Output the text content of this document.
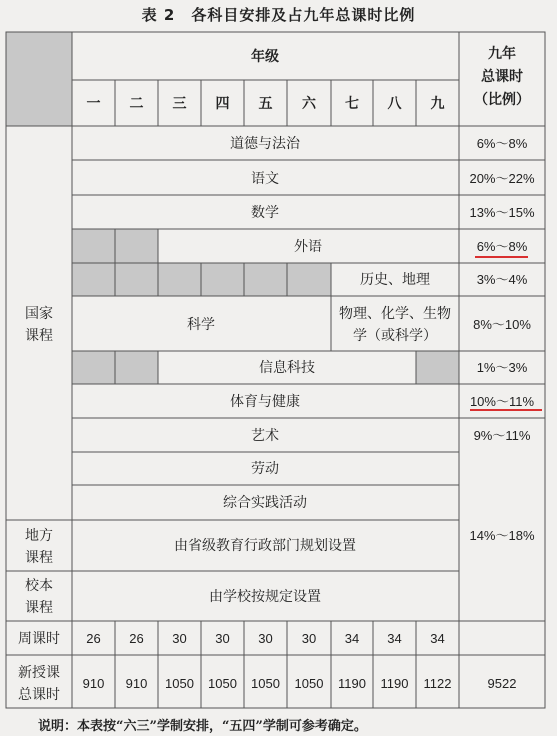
表 2　各科目安排及占九年总课时比例
年级
一 二 三 四 五 六 七 八 九
九年
总课时
（比例）
国家
课程
地方
课程
校本
课程
周课时
新授课
总课时
道德与法治
语文
数学
外语
历史、地理
科学
物理、化学、生物
学（或科学）
信息科技
体育与健康
艺术
劳动
综合实践活动
由省级教育行政部门规划设置
由学校按规定设置
6%～8%
20%～22%
13%～15%
6%～8%
3%～4%
8%～10%
1%～3%
10%～11%
9%～11%
14%～18%
26 26 30 30 30 30 34 34 34
910 910 1050 1050 1050 1050 1190 1190 1122	9522
说明：本表按“六三”学制安排，“五四”学制可参考确定。
